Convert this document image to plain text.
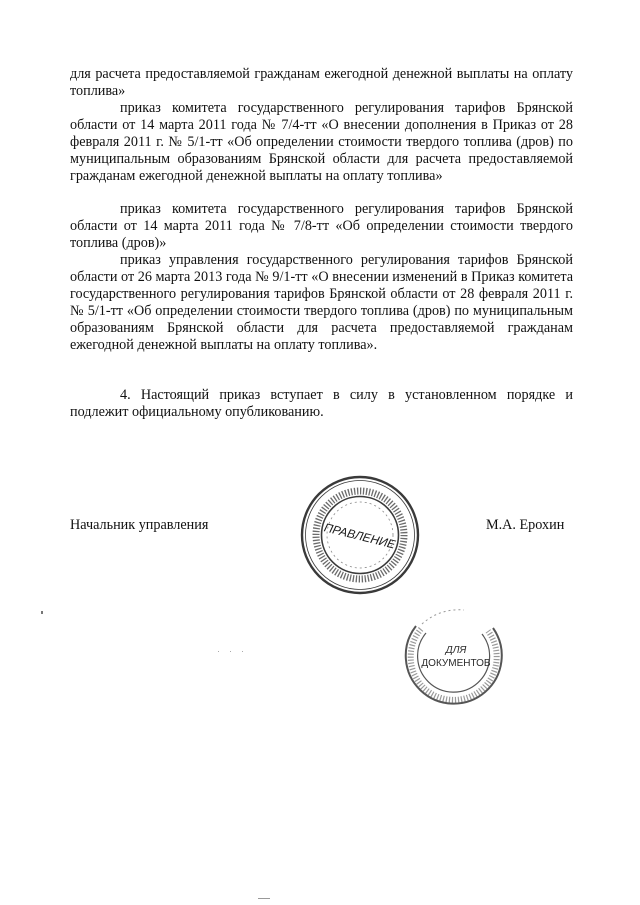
для расчета предоставляемой гражданам ежегодной денежной выплаты на оплату топлива»

приказ комитета государственного регулирования тарифов Брянской области от 14 марта 2011 года № 7/4-тт «О внесении дополнения в Приказ от 28 февраля 2011 г. № 5/1-тт «Об определении стоимости твердого топлива (дров) по муниципальным образованиям Брянской области для расчета предоставляемой гражданам ежегодной денежной выплаты на оплату топлива»

приказ комитета государственного регулирования тарифов Брянской области от 14 марта 2011 года № 7/8-тт «Об определении стоимости твердого топлива (дров)»

приказ управления государственного регулирования тарифов Брянской области от 26 марта 2013 года № 9/1-тт «О внесении изменений в Приказ комитета государственного регулирования тарифов Брянской области от 28 февраля 2011 г. № 5/1-тт «Об определении стоимости твердого топлива (дров) по муниципальным образованиям Брянской области для расчета предоставляемой гражданам ежегодной денежной выплаты на оплату топлива».

4. Настоящий приказ вступает в силу в установленном порядке и подлежит официальному опубликованию.

Начальник управления	М.А. Ерохин
ПРАВЛЕНИЕ
ДЛЯ
ДОКУМЕНТОВ
